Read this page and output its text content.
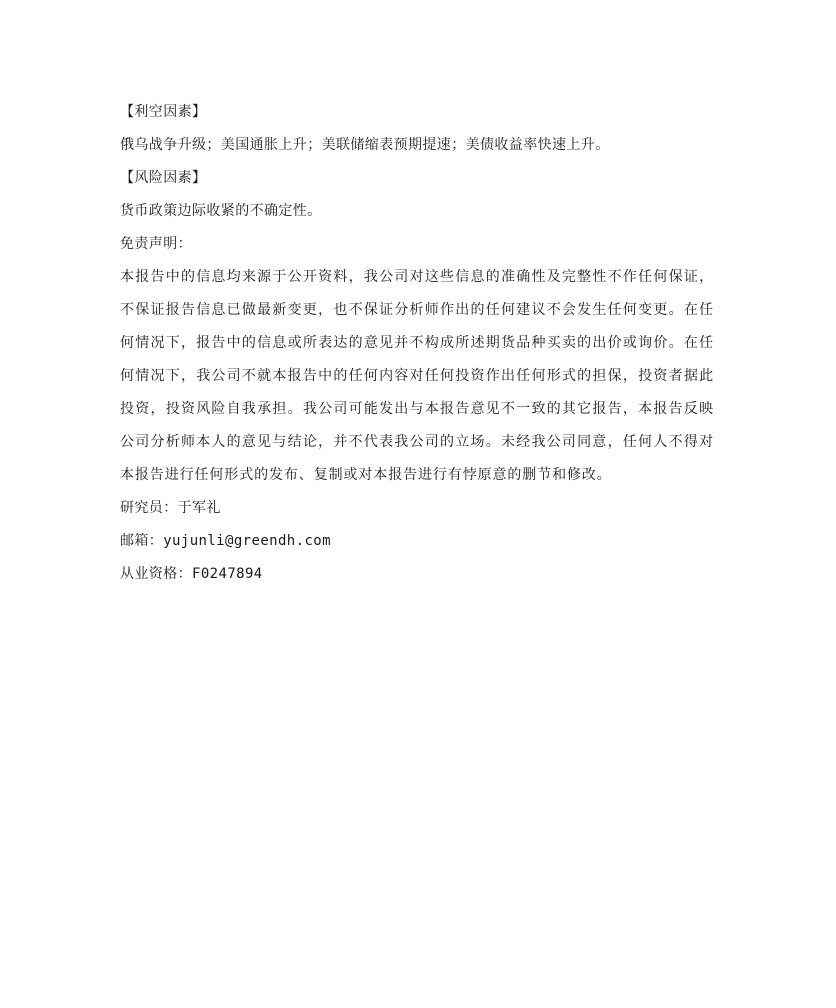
【利空因素】

俄乌战争升级；美国通胀上升；美联储缩表预期提速；美债收益率快速上升。

【风险因素】

货币政策边际收紧的不确定性。

免责声明：

本报告中的信息均来源于公开资料，我公司对这些信息的准确性及完整性不作任何保证，不保证报告信息已做最新变更，也不保证分析师作出的任何建议不会发生任何变更。在任何情况下，报告中的信息或所表达的意见并不构成所述期货品种买卖的出价或询价。在任何情况下，我公司不就本报告中的任何内容对任何投资作出任何形式的担保，投资者据此投资，投资风险自我承担。我公司可能发出与本报告意见不一致的其它报告，本报告反映公司分析师本人的意见与结论，并不代表我公司的立场。未经我公司同意，任何人不得对本报告进行任何形式的发布、复制或对本报告进行有悖原意的删节和修改。

研究员：于军礼

邮箱：yujunli@greendh.com

从业资格：F0247894
